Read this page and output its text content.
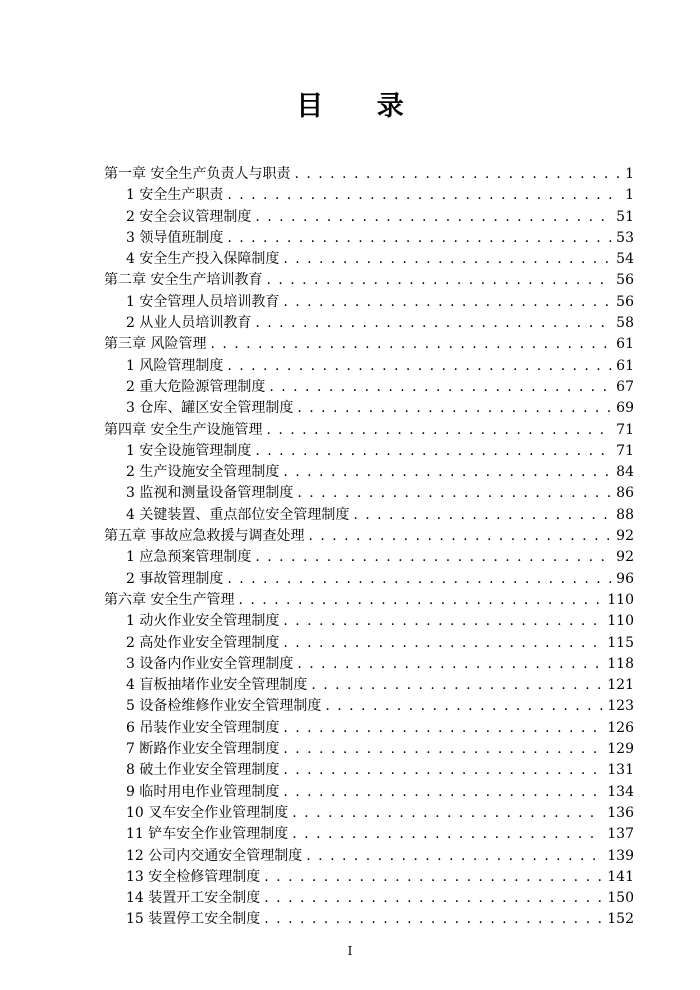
目 录
第一章 安全生产负责人与职责 . . .	1
1 安全生产职责 . . .	1
2 安全会议管理制度 . . .	51
3 领导值班制度 . . .	53
4 安全生产投入保障制度 . . .	54
第二章 安全生产培训教育 . . .	56
1 安全管理人员培训教育 . . .	56
2 从业人员培训教育 . . .	58
第三章 风险管理 . . .	61
1 风险管理制度 . . .	61
2 重大危险源管理制度 . . .	67
3 仓库、罐区安全管理制度 . . .	69
第四章 安全生产设施管理 . . .	71
1 安全设施管理制度 . . .	71
2 生产设施安全管理制度 . . .	84
3 监视和测量设备管理制度 . . .	86
4 关键装置、重点部位安全管理制度 . . .	88
第五章 事故应急救援与调查处理 . . .	92
1 应急预案管理制度 . . .	92
2 事故管理制度 . . .	96
第六章 安全生产管理 . . .	110
1 动火作业安全管理制度 . . .	110
2 高处作业安全管理制度 . . .	115
3 设备内作业安全管理制度 . . .	118
4 盲板抽堵作业安全管理制度 . . .	121
5 设备检维修作业安全管理制度 . . .	123
6 吊装作业安全管理制度 . . .	126
7 断路作业安全管理制度 . . .	129
8 破土作业安全管理制度 . . .	131
9 临时用电作业管理制度 . . .	134
10 叉车安全作业管理制度 . . .	136
11 铲车安全作业管理制度 . . .	137
12 公司内交通安全管理制度 . . .	139
13 安全检修管理制度 . . .	141
14 装置开工安全制度 . . .	150
15 装置停工安全制度 . . .	152
I
